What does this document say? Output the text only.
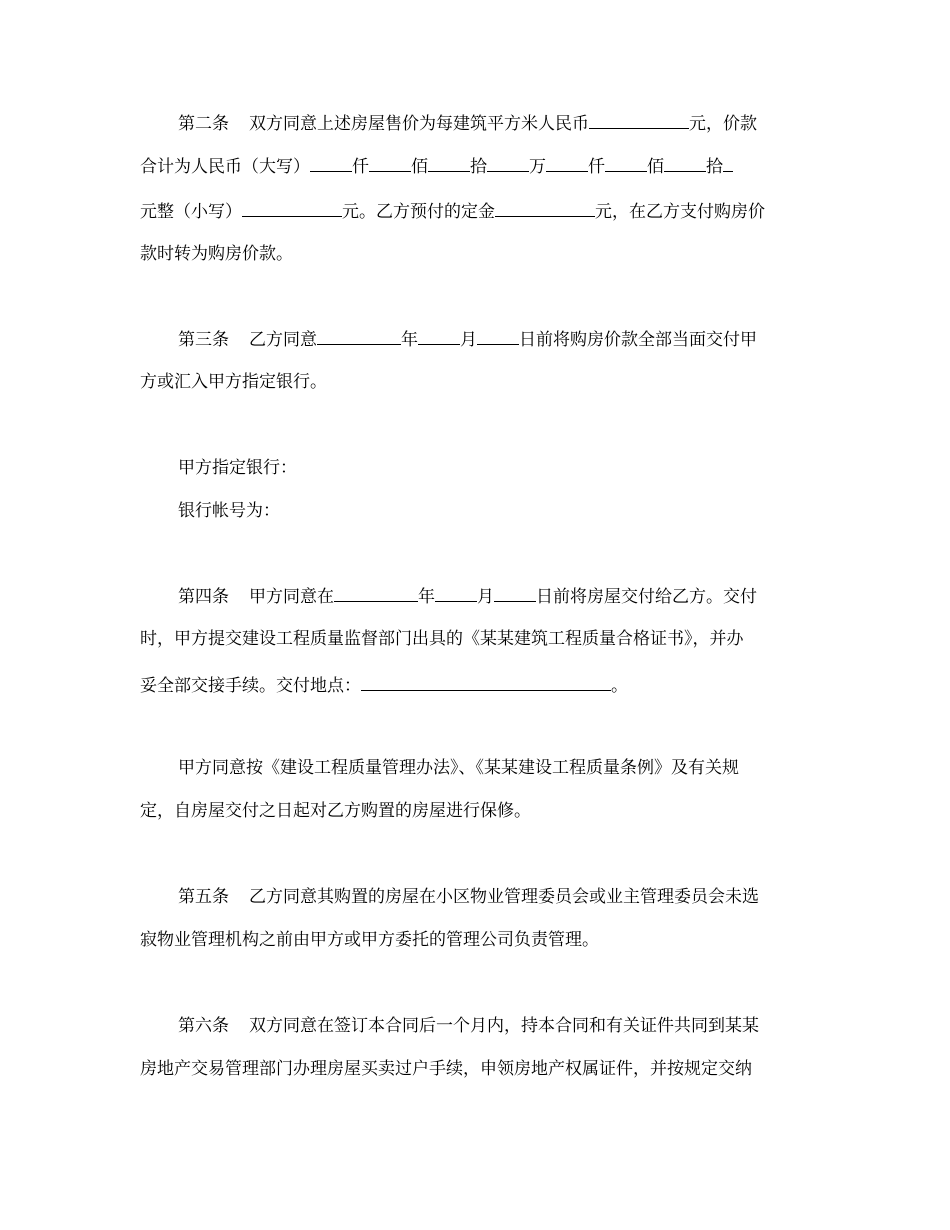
第二条 双方同意上述房屋售价为每建筑平方米人民币	元，价款
合计为人民币（大写） 仟 佰 拾 万 仟 佰 拾
元整（小写）	元。乙方预付的定金	元，在乙方支付购房价
款时转为购房价款。
第三条 乙方同意	年 月 日前将购房价款全部当面交付甲
方或汇入甲方指定银行。
甲方指定银行：
银行帐号为：
第四条 甲方同意在	年 月 日前将房屋交付给乙方。交付
时，甲方提交建设工程质量监督部门出具的《某某建筑工程质量合格证书》，并办
妥全部交接手续。交付地点：	。
甲方同意按《建设工程质量管理办法》、《某某建设工程质量条例》及有关规
定，自房屋交付之日起对乙方购置的房屋进行保修。
第五条 乙方同意其购置的房屋在小区物业管理委员会或业主管理委员会未选
寂物业管理机构之前由甲方或甲方委托的管理公司负责管理。
第六条 双方同意在签订本合同后一个月内，持本合同和有关证件共同到某某
房地产交易管理部门办理房屋买卖过户手续，申领房地产权属证件，并按规定交纳
